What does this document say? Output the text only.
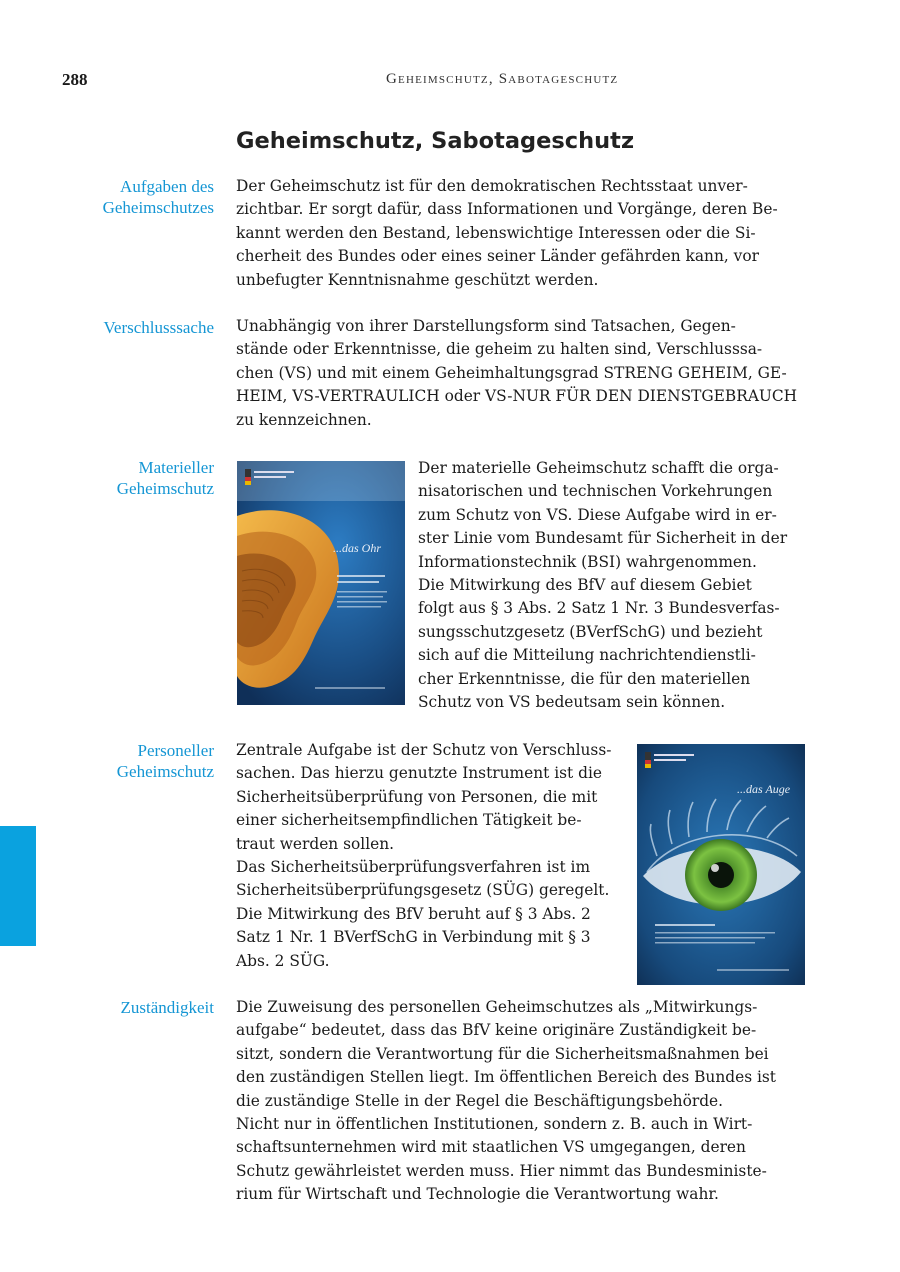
288	Geheimschutz, Sabotageschutz
Geheimschutz, Sabotageschutz
Aufgaben des
Geheimschutzes

Der Geheimschutz ist für den demokratischen Rechtsstaat unver-
zichtbar. Er sorgt dafür, dass Informationen und Vorgänge, deren Be-
kannt werden den Bestand, lebenswichtige Interessen oder die Si-
cherheit des Bundes oder eines seiner Länder gefährden kann, vor
unbefugter Kenntnisnahme geschützt werden.

Verschlusssache Unabhängig von ihrer Darstellungsform sind Tatsachen, Gegen-
stände oder Erkenntnisse, die geheim zu halten sind, Verschlusssa-
chen (VS) und mit einem Geheimhaltungsgrad STRENG GEHEIM, GE-
HEIM, VS-VERTRAULICH oder VS-NUR FÜR DEN DIENSTGEBRAUCH
zu kennzeichnen.

Materieller
Geheimschutz
...das Ohr

Der materielle Geheimschutz schafft die orga-
nisatorischen und technischen Vorkehrungen
zum Schutz von VS. Diese Aufgabe wird in er-
ster Linie vom Bundesamt für Sicherheit in der
Informationstechnik (BSI) wahrgenommen.
Die Mitwirkung des BfV auf diesem Gebiet
folgt aus § 3 Abs. 2 Satz 1 Nr. 3 Bundesverfas-
sungsschutzgesetz (BVerfSchG) und bezieht
sich auf die Mitteilung nachrichtendienstli-
cher Erkenntnisse, die für den materiellen
Schutz von VS bedeutsam sein können.

Personeller
Geheimschutz

Zentrale Aufgabe ist der Schutz von Verschluss-
sachen. Das hierzu genutzte Instrument ist die
Sicherheitsüberprüfung von Personen, die mit
einer sicherheitsempfindlichen Tätigkeit be-
traut werden sollen.
Das Sicherheitsüberprüfungsverfahren ist im
Sicherheitsüberprüfungsgesetz (SÜG) geregelt.
Die Mitwirkung des BfV beruht auf § 3 Abs. 2
Satz 1 Nr. 1 BVerfSchG in Verbindung mit § 3
Abs. 2 SÜG.

...das Auge
Zuständigkeit Die Zuweisung des personellen Geheimschutzes als „Mitwirkungs-
aufgabe“ bedeutet, dass das BfV keine originäre Zuständigkeit be-
sitzt, sondern die Verantwortung für die Sicherheitsmaßnahmen bei
den zuständigen Stellen liegt. Im öffentlichen Bereich des Bundes ist
die zuständige Stelle in der Regel die Beschäftigungsbehörde.
Nicht nur in öffentlichen Institutionen, sondern z. B. auch in Wirt-
schaftsunternehmen wird mit staatlichen VS umgegangen, deren
Schutz gewährleistet werden muss. Hier nimmt das Bundesministe-
rium für Wirtschaft und Technologie die Verantwortung wahr.
